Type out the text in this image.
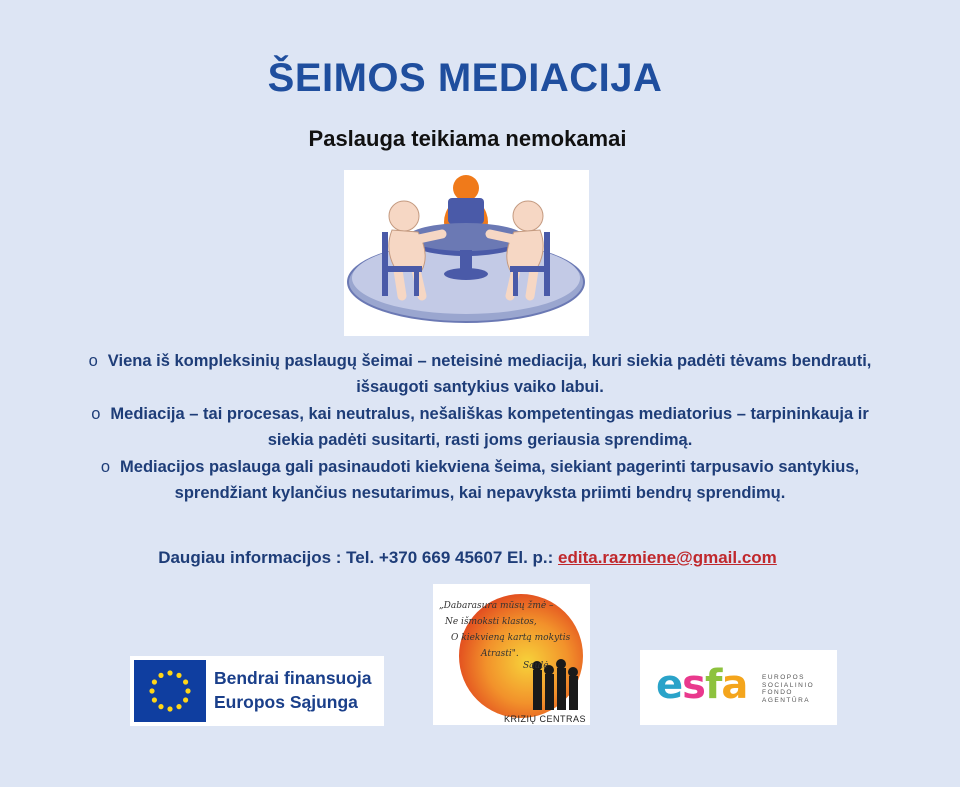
ŠEIMOS MEDIACIJA
Paslauga teikiama nemokamai
o Viena iš kompleksinių paslaugų šeimai – neteisinė mediacija, kuri siekia padėti tėvams bendrauti,
išsaugoti santykius vaiko labui.
o Mediacija – tai procesas, kai neutralus, nešališkas kompetentingas mediatorius – tarpininkauja ir
siekia padėti susitarti, rasti joms geriausia sprendimą.
o Mediacijos paslauga gali pasinaudoti kiekviena šeima, siekiant pagerinti tarpusavio santykius,
sprendžiant kylančius nesutarimus, kai nepavyksta priimti bendrų sprendimų.
Daugiau informacijos : Tel. +370 669 45607 El. p.: edita.razmiene@gmail.com
Bendrai finansuoja
Europos Sąjunga
„Dabarasura mūsų žmė –
Ne išmoksti klastos,
O kiekvieną kartą mokytis
Atrasti".
Saulė
KRIZIŲ CENTRAS
esfa EUROPOS
SOCIALINIO
FONDO
AGENTŪRA
